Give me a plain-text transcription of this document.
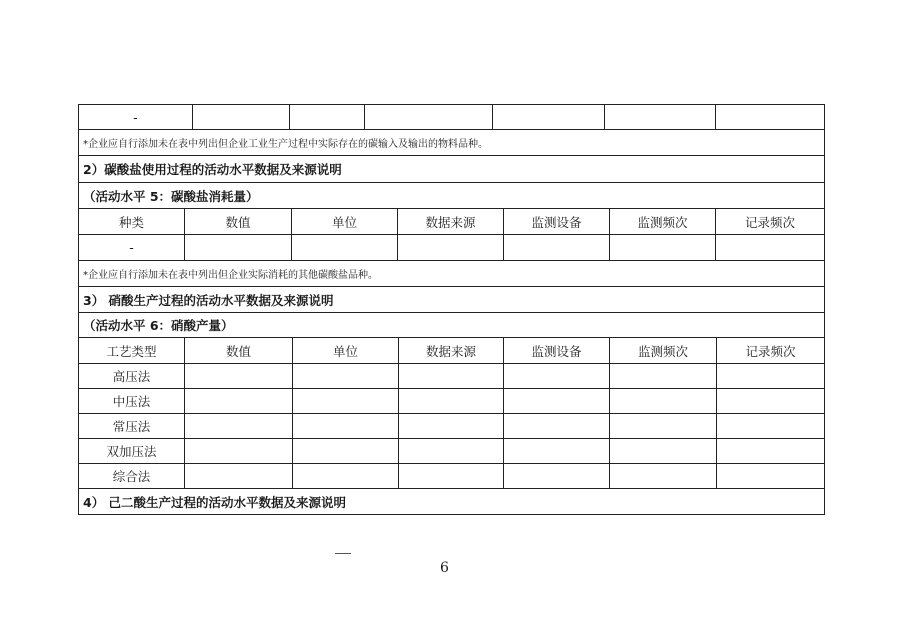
-
*企业应自行添加未在表中列出但企业工业生产过程中实际存在的碳输入及输出的物料品种。
2）碳酸盐使用过程的活动水平数据及来源说明
（活动水平 5：碳酸盐消耗量）
种类	数值	单位	数据来源	监测设备	监测频次	记录频次
-
*企业应自行添加未在表中列出但企业实际消耗的其他碳酸盐品种。
3） 硝酸生产过程的活动水平数据及来源说明
（活动水平 6：硝酸产量）
工艺类型	数值	单位	数据来源	监测设备	监测频次	记录频次
高压法
中压法
常压法
双加压法
综合法
4） 己二酸生产过程的活动水平数据及来源说明
6
